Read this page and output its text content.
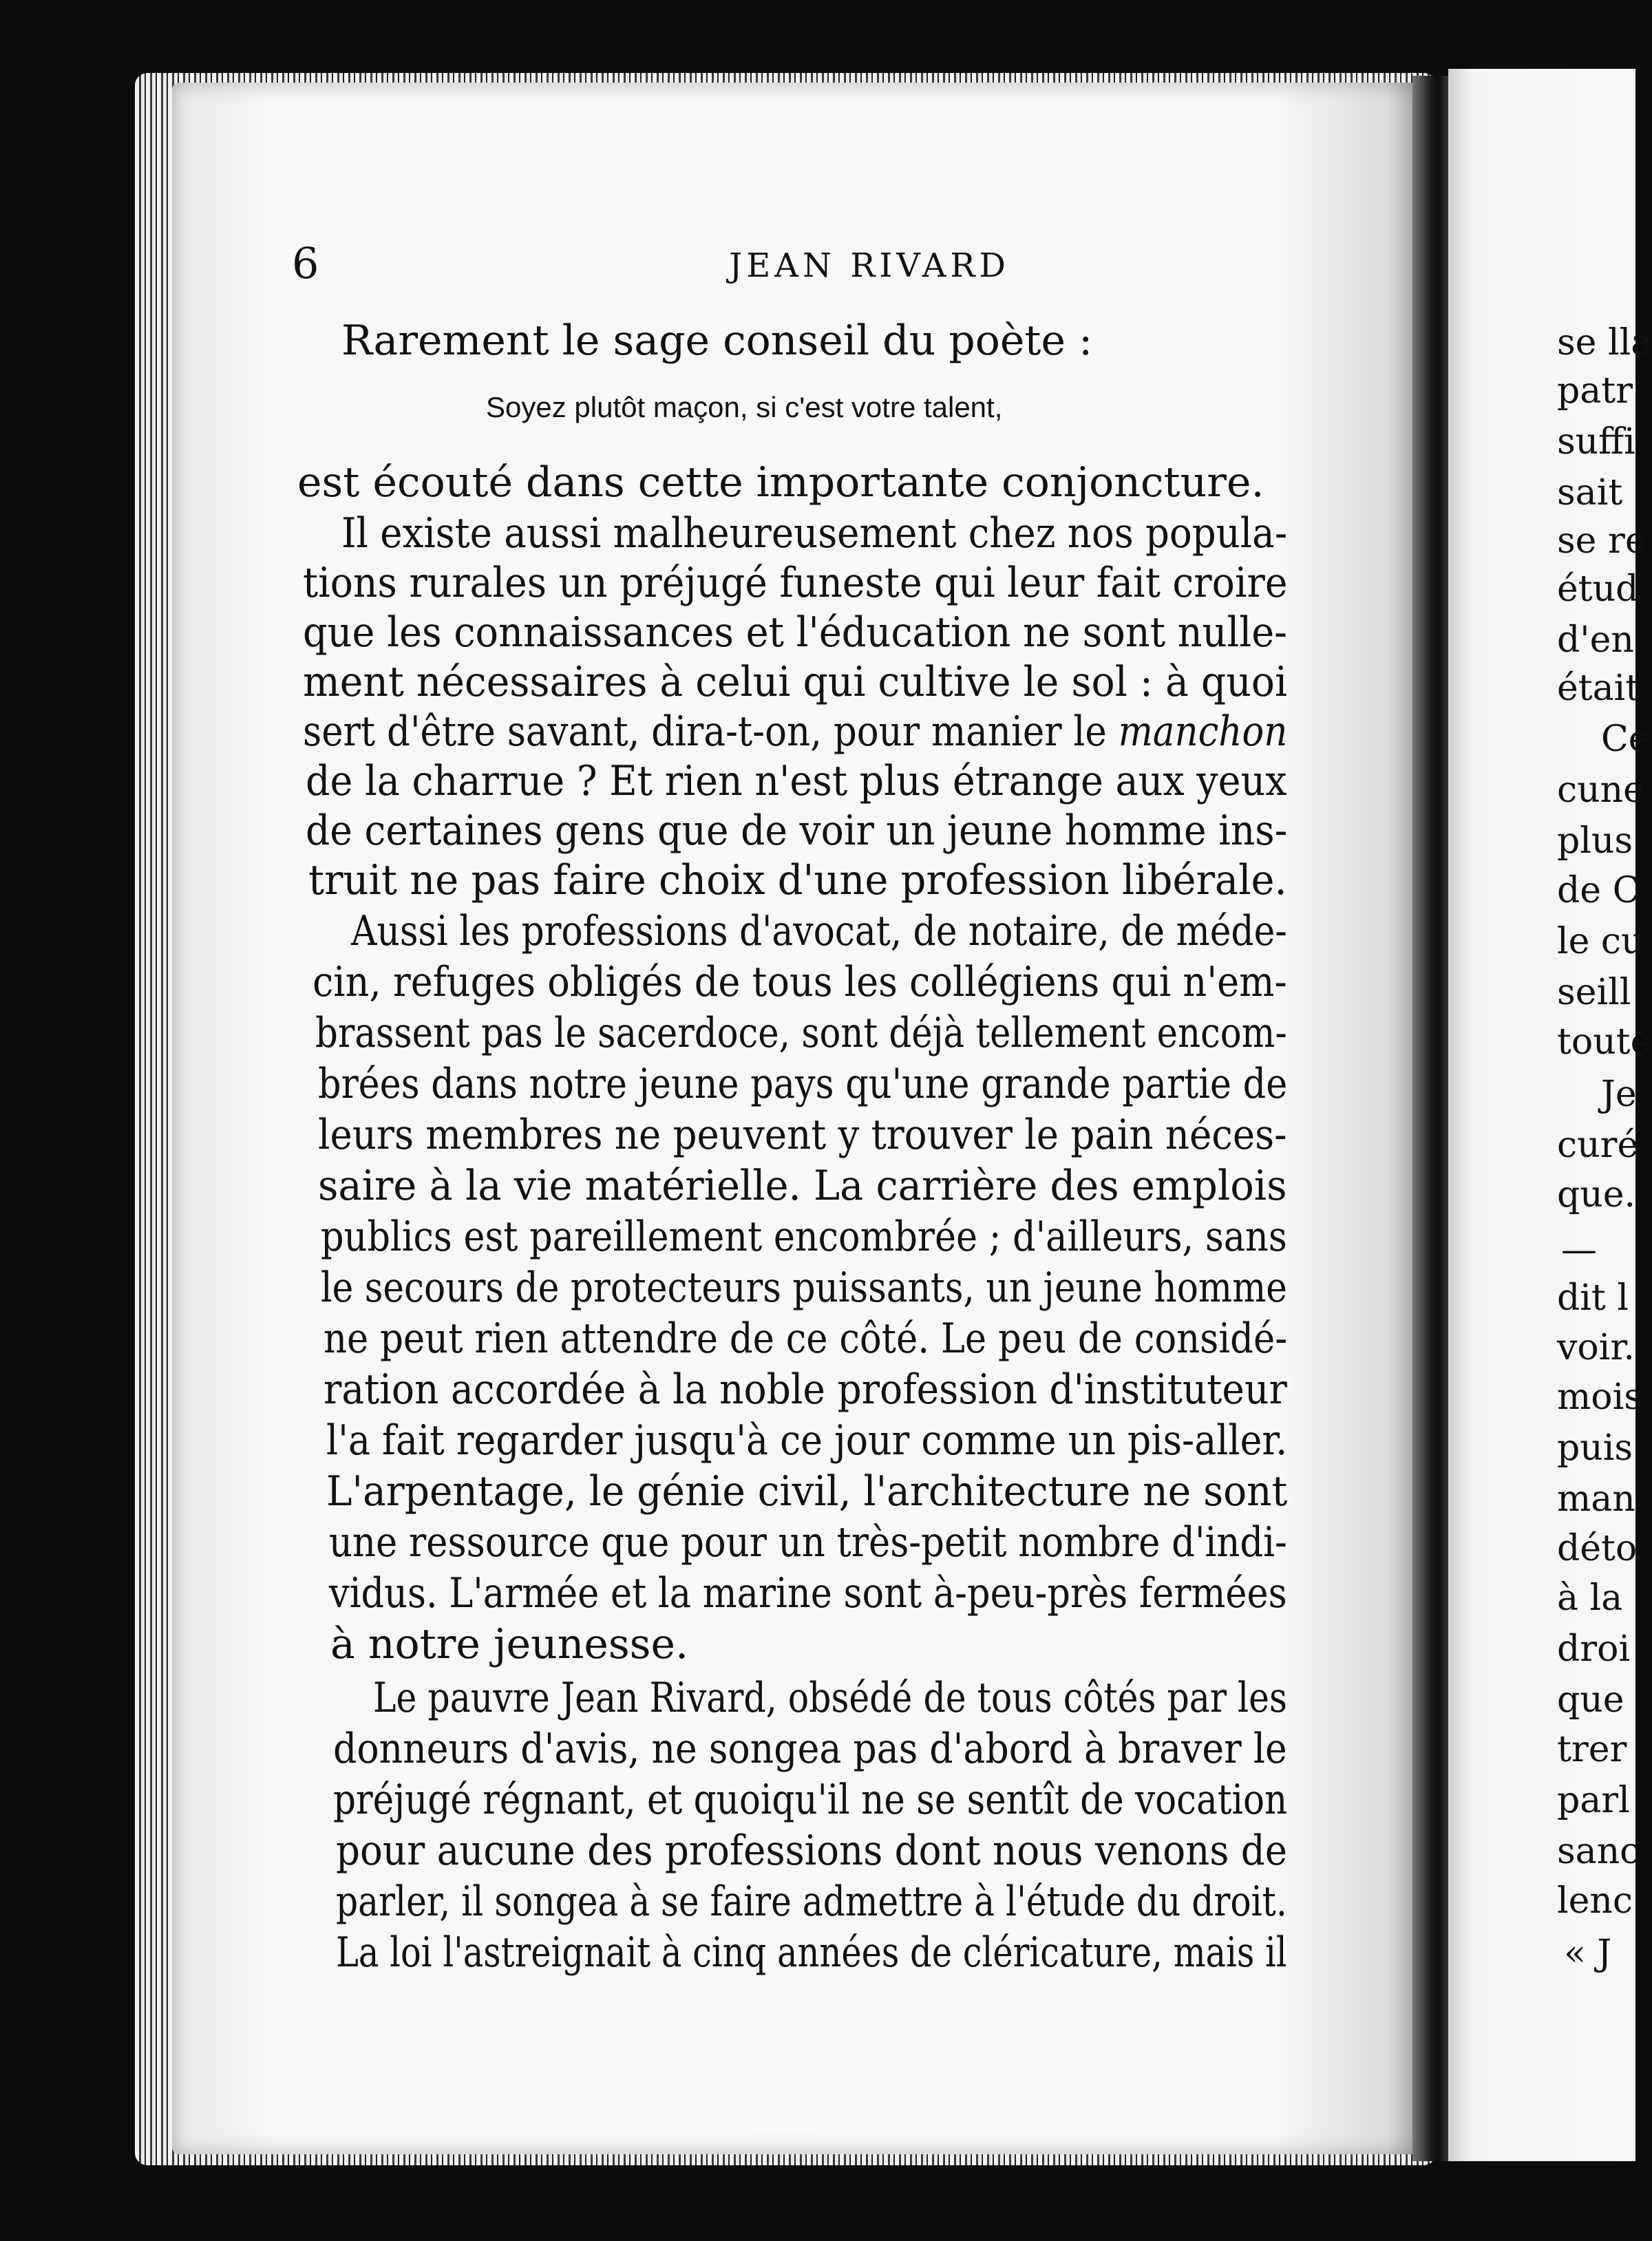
6	JEAN RIVARD
Rarement le sage conseil du poète :
Soyez plutôt maçon, si c'est votre talent,
est écouté dans cette importante conjoncture.
Il existe aussi malheureusement chez nos popula-
tions rurales un préjugé funeste qui leur fait croire
que les connaissances et l'éducation ne sont nulle-
ment nécessaires à celui qui cultive le sol : à quoi
sert d'être savant, dira-t-on, pour manier le manchon
de la charrue ? Et rien n'est plus étrange aux yeux
de certaines gens que de voir un jeune homme ins-
truit ne pas faire choix d'une profession libérale.
Aussi les professions d'avocat, de notaire, de méde-
cin, refuges obligés de tous les collégiens qui n'em-
brassent pas le sacerdoce, sont déjà tellement encom-
brées dans notre jeune pays qu'une grande partie de
leurs membres ne peuvent y trouver le pain néces-
saire à la vie matérielle. La carrière des emplois
publics est pareillement encombrée ; d'ailleurs, sans
le secours de protecteurs puissants, un jeune homme
ne peut rien attendre de ce côté. Le peu de considé-
ration accordée à la noble profession d'instituteur
l'a fait regarder jusqu'à ce jour comme un pis-aller.
L'arpentage, le génie civil, l'architecture ne sont
une ressource que pour un très-petit nombre d'indi-
vidus. L'armée et la marine sont à-peu-près fermées
à notre jeunesse.
Le pauvre Jean Rivard, obsédé de tous côtés par les
donneurs d'avis, ne songea pas d'abord à braver le
préjugé régnant, et quoiqu'il ne se sentît de vocation
pour aucune des professions dont nous venons de
parler, il songea à se faire admettre à l'étude du droit.
La loi l'astreignait à cinq années de cléricature, mais il
se lla
patr
suffi
sait
se re
étud
d'en
était
Ce
cune
plus
de C
le cu
seill
toute
Je
curé
que.
—
dit l
voir.
mois
puis
man
déto
à la
droi
que
trer
parl
sanc
lenc
« J
